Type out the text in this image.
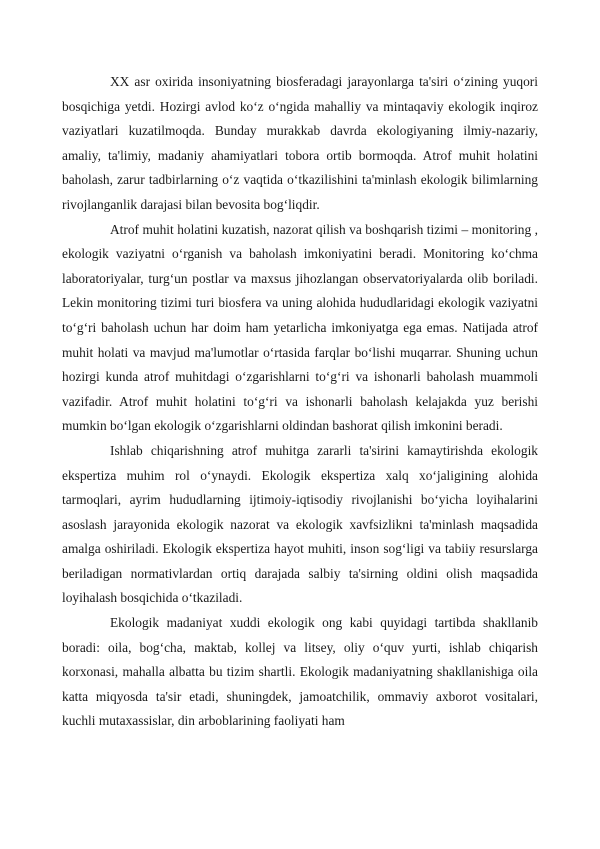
XX asr oxirida insoniyatning biosferadagi jarayonlarga ta'siri o‘zining yuqori bosqichiga yetdi. Hozirgi avlod ko‘z o‘ngida mahalliy va mintaqaviy ekologik inqiroz vaziyatlari kuzatilmoqda. Bunday murakkab davrda ekologiyaning ilmiy-nazariy, amaliy, ta'limiy, madaniy ahamiyatlari tobora ortib bormoqda. Atrof muhit holatini baholash, zarur tadbirlarning o‘z vaqtida o‘tkazilishini ta'minlash ekologik bilimlarning rivojlanganlik darajasi bilan bevosita bog‘liqdir.

Atrof muhit holatini kuzatish, nazorat qilish va boshqarish tizimi – monitoring , ekologik vaziyatni o‘rganish va baholash imkoniyatini beradi. Monitoring ko‘chma laboratoriyalar, turg‘un postlar va maxsus jihozlangan observatoriyalarda olib boriladi. Lekin monitoring tizimi turi biosfera va uning alohida hududlaridagi ekologik vaziyatni to‘g‘ri baholash uchun har doim ham yetarlicha imkoniyatga ega emas. Natijada atrof muhit holati va mavjud ma'lumotlar o‘rtasida farqlar bo‘lishi muqarrar. Shuning uchun hozirgi kunda atrof muhitdagi o‘zgarishlarni to‘g‘ri va ishonarli baholash muammoli vazifadir. Atrof muhit holatini to‘g‘ri va ishonarli baholash kelajakda yuz berishi mumkin bo‘lgan ekologik o‘zgarishlarni oldindan bashorat qilish imkonini beradi.

Ishlab chiqarishning atrof muhitga zararli ta'sirini kamaytirishda ekologik ekspertiza muhim rol o‘ynaydi. Ekologik ekspertiza xalq xo‘jaligining alohida tarmoqlari, ayrim hududlarning ijtimoiy-iqtisodiy rivojlanishi bo‘yicha loyihalarini asoslash jarayonida ekologik nazorat va ekologik xavfsizlikni ta'minlash maqsadida amalga oshiriladi. Ekologik ekspertiza hayot muhiti, inson sog‘ligi va tabiiy resurslarga beriladigan normativlardan ortiq darajada salbiy ta'sirning oldini olish maqsadida loyihalash bosqichida o‘tkaziladi.

Ekologik madaniyat xuddi ekologik ong kabi quyidagi tartibda shakllanib boradi: oila, bog‘cha, maktab, kollej va litsey, oliy o‘quv yurti, ishlab chiqarish korxonasi, mahalla albatta bu tizim shartli. Ekologik madaniyatning shakllanishiga oila katta miqyosda ta'sir etadi, shuningdek, jamoatchilik, ommaviy axborot vositalari, kuchli mutaxassislar, din arboblarining faoliyati ham
